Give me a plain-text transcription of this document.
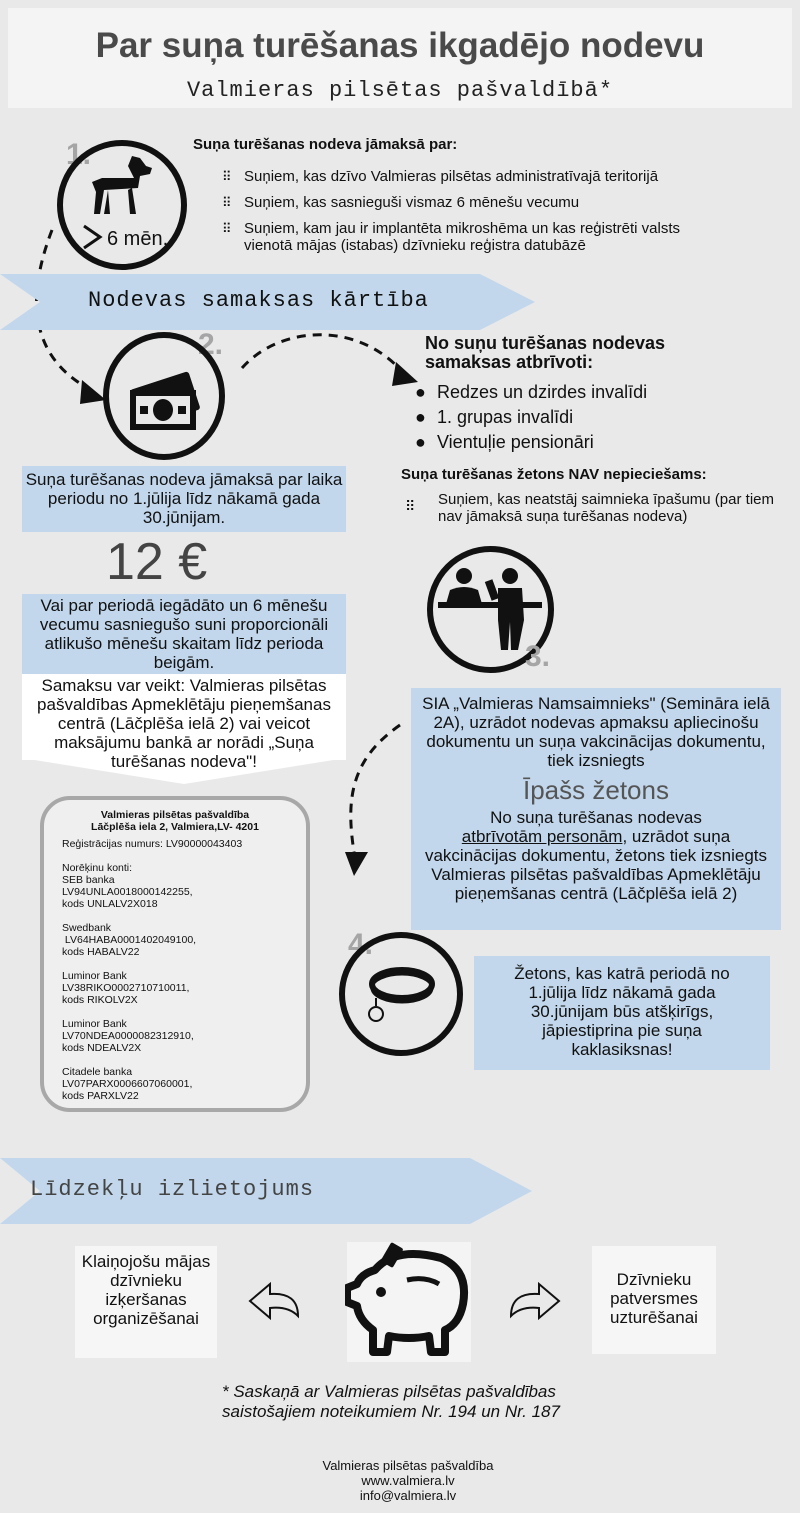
Par suņa turēšanas ikgadējo nodevu
Valmieras pilsētas pašvaldībā*
1.
6 mēn.
Suņa turēšanas nodeva jāmaksā par:
⠿ Suņiem, kas dzīvo Valmieras pilsētas administratīvajā teritorijā
⠿ Suņiem, kas sasnieguši vismaz 6 mēnešu vecumu
⠿ Suņiem, kam jau ir implantēta mikroshēma un kas reģistrēti valsts vienotā mājas (istabas) dzīvnieku reģistra datubāzē
Nodevas samaksas kārtība
2.
Suņa turēšanas nodeva jāmaksā par laika periodu no 1.jūlija līdz nākamā gada 30.jūnijam.
12 €
Vai par periodā iegādāto un 6 mēnešu vecumu sasniegušo suni proporcionāli atlikušo mēnešu skaitam līdz perioda beigām.
Samaksu var veikt: Valmieras pilsētas pašvaldības Apmeklētāju pieņemšanas centrā (Lāčplēša ielā 2) vai veicot maksājumu bankā ar norādi „Suņa turēšanas nodeva"!
No suņu turēšanas nodevas samaksas atbrīvoti:
● Redzes un dzirdes invalīdi
● 1. grupas invalīdi
● Vientuļie pensionāri
Suņa turēšanas žetons NAV nepieciešams:
⠿ Suņiem, kas neatstāj saimnieka īpašumu (par tiem nav jāmaksā suņa turēšanas nodeva)
3.
SIA „Valmieras Namsaimnieks" (Semināra ielā 2A), uzrādot nodevas apmaksu apliecinošu dokumentu un suņa vakcinācijas dokumentu, tiek izsniegts
Īpašs žetons
No suņa turēšanas nodevas
atbrīvotām personām, uzrādot suņa vakcinācijas dokumentu, žetons tiek izsniegts Valmieras pilsētas pašvaldības Apmeklētāju pieņemšanas centrā (Lāčplēša ielā 2)
Valmieras pilsētas pašvaldība
Lāčplēša iela 2, Valmiera,LV- 4201
Reģistrācijas numurs: LV90000043403
Norēķinu konti:
SEB banka
LV94UNLA0018000142255,
kods UNLALV2X018
Swedbank
LV64HABA0001402049100,
kods HABALV22
Luminor Bank
LV38RIKO0002710710011,
kods RIKOLV2X
Luminor Bank
LV70NDEA0000082312910,
kods NDEALV2X
Citadele banka
LV07PARX0006607060001,
kods PARXLV22
4.
Žetons, kas katrā periodā no 1.jūlija līdz nākamā gada 30.jūnijam būs atšķirīgs, jāpiestiprina pie suņa kaklasiksnas!
Līdzekļu izlietojums
Klaiņojošu mājas dzīvnieku izķeršanas organizēšanai
Dzīvnieku patversmes uzturēšanai
* Saskaņā ar Valmieras pilsētas pašvaldības saistošajiem noteikumiem Nr. 194 un Nr. 187
Valmieras pilsētas pašvaldība
www.valmiera.lv
info@valmiera.lv
